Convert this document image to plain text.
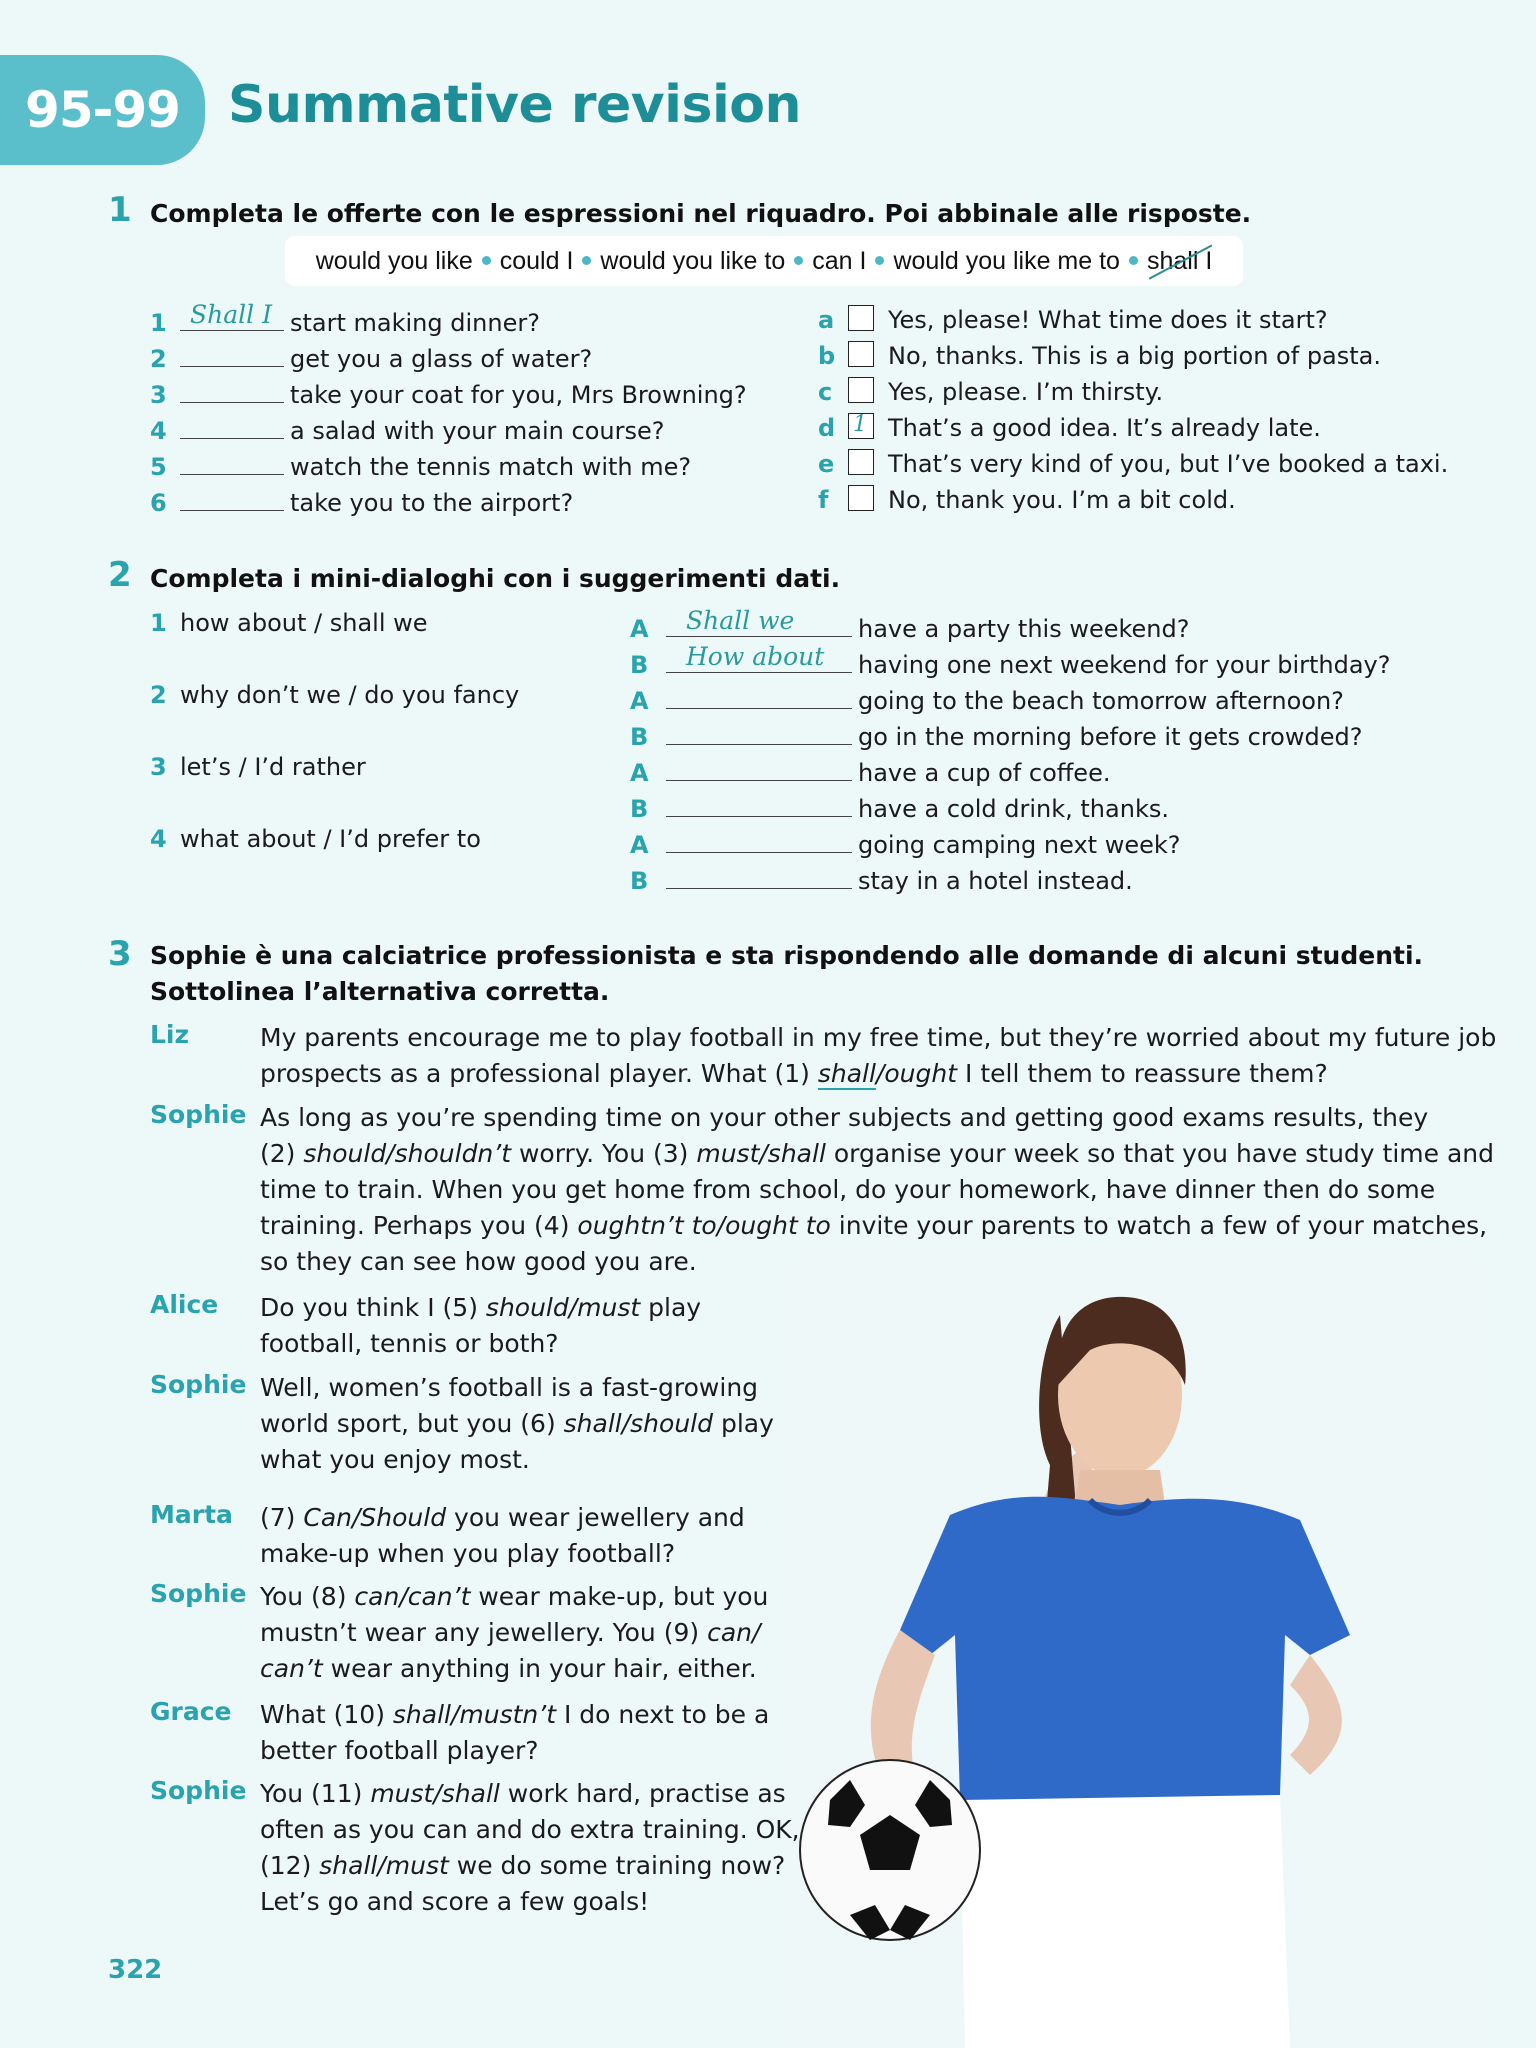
95-99 Summative revision
1 Completa le offerte con le espressioni nel riquadro. Poi abbinale alle risposte.
would you like could I would you like to can I would you like me to shall I
1 Shall I start making dinner?
2	get you a glass of water?
3	take your coat for you, Mrs Browning?
4	a salad with your main course?
5	watch the tennis match with me?
6	take you to the airport?
a	Yes, please! What time does it start?
b	No, thanks. This is a big portion of pasta.
c	Yes, please. I’m thirsty.
d 1 That’s a good idea. It’s already late.
e	That’s very kind of you, but I’ve booked a taxi.
f	No, thank you. I’m a bit cold.
2 Completa i mini-dialoghi con i suggerimenti dati.
1 how about / shall we
2 why don’t we / do you fancy
3 let’s / I’d rather
4 what about / I’d prefer to
A	Shall we	have a party this weekend?
B	How about having one next weekend for your birthday?
A	going to the beach tomorrow afternoon?
B	go in the morning before it gets crowded?
A	have a cup of coffee.
B	have a cold drink, thanks.
A	going camping next week?
B	stay in a hotel instead.
3 Sophie è una calciatrice professionista e sta rispondendo alle domande di alcuni studenti.
Sottolinea l’alternativa corretta.
Liz	My parents encourage me to play football in my free time, but they’re worried about my future job
prospects as a professional player. What (1) shall/ought I tell them to reassure them?
Sophie As long as you’re spending time on your other subjects and getting good exams results, they
(2) should/shouldn’t worry. You (3) must/shall organise your week so that you have study time and
time to train. When you get home from school, do your homework, have dinner then do some
training. Perhaps you (4) oughtn’t to/ought to invite your parents to watch a few of your matches,
so they can see how good you are.
Alice Do you think I (5) should/must play
football, tennis or both?
Sophie Well, women’s football is a fast-growing
world sport, but you (6) shall/should play
what you enjoy most.
Marta (7) Can/Should you wear jewellery and
make-up when you play football?
Sophie You (8) can/can’t wear make-up, but you
mustn’t wear any jewellery. You (9) can/
can’t wear anything in your hair, either.
Grace What (10) shall/mustn’t I do next to be a
better football player?
Sophie You (11) must/shall work hard, practise as
often as you can and do extra training. OK,
(12) shall/must we do some training now?
Let’s go and score a few goals!
322
